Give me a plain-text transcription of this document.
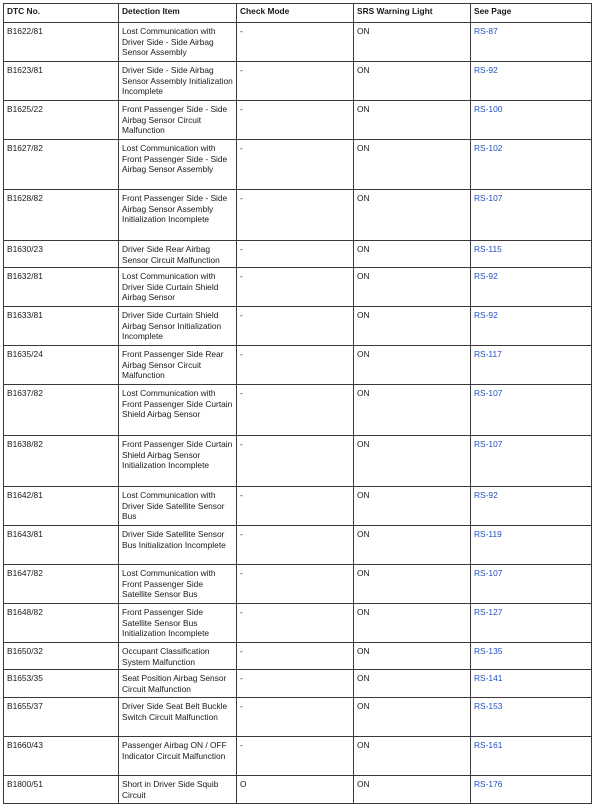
DTC No.	Detection Item	Check Mode	SRS Warning Light	See Page
B1622/81	Lost Communication with Driver Side - Side Airbag Sensor Assembly	-	ON	RS-87
B1623/81	Driver Side - Side Airbag Sensor Assembly Initialization Incomplete	-	ON	RS-92
B1625/22	Front Passenger Side - Side Airbag Sensor Circuit Malfunction	-	ON	RS-100
B1627/82	Lost Communication with Front Passenger Side - Side Airbag Sensor Assembly	-	ON	RS-102
B1628/82	Front Passenger Side - Side Airbag Sensor Assembly Initialization Incomplete	-	ON	RS-107
B1630/23	Driver Side Rear Airbag Sensor Circuit Malfunction	-	ON	RS-115
B1632/81	Lost Communication with Driver Side Curtain Shield Airbag Sensor	-	ON	RS-92
B1633/81	Driver Side Curtain Shield Airbag Sensor Initialization Incomplete	-	ON	RS-92
B1635/24	Front Passenger Side Rear Airbag Sensor Circuit Malfunction	-	ON	RS-117
B1637/82	Lost Communication with Front Passenger Side Curtain Shield Airbag Sensor	-	ON	RS-107
B1638/82	Front Passenger Side Curtain Shield Airbag Sensor Initialization Incomplete	-	ON	RS-107
B1642/81	Lost Communication with Driver Side Satellite Sensor Bus	-	ON	RS-92
B1643/81	Driver Side Satellite Sensor Bus Initialization Incomplete	-	ON	RS-119
B1647/82	Lost Communication with Front Passenger Side Satellite Sensor Bus	-	ON	RS-107
B1648/82	Front Passenger Side Satellite Sensor Bus Initialization Incomplete	-	ON	RS-127
B1650/32	Occupant Classification System Malfunction	-	ON	RS-135
B1653/35	Seat Position Airbag Sensor Circuit Malfunction	-	ON	RS-141
B1655/37	Driver Side Seat Belt Buckle Switch Circuit Malfunction	-	ON	RS-153
B1660/43	Passenger Airbag ON / OFF Indicator Circuit Malfunction	-	ON	RS-161
B1800/51	Short in Driver Side Squib Circuit	O	ON	RS-176
